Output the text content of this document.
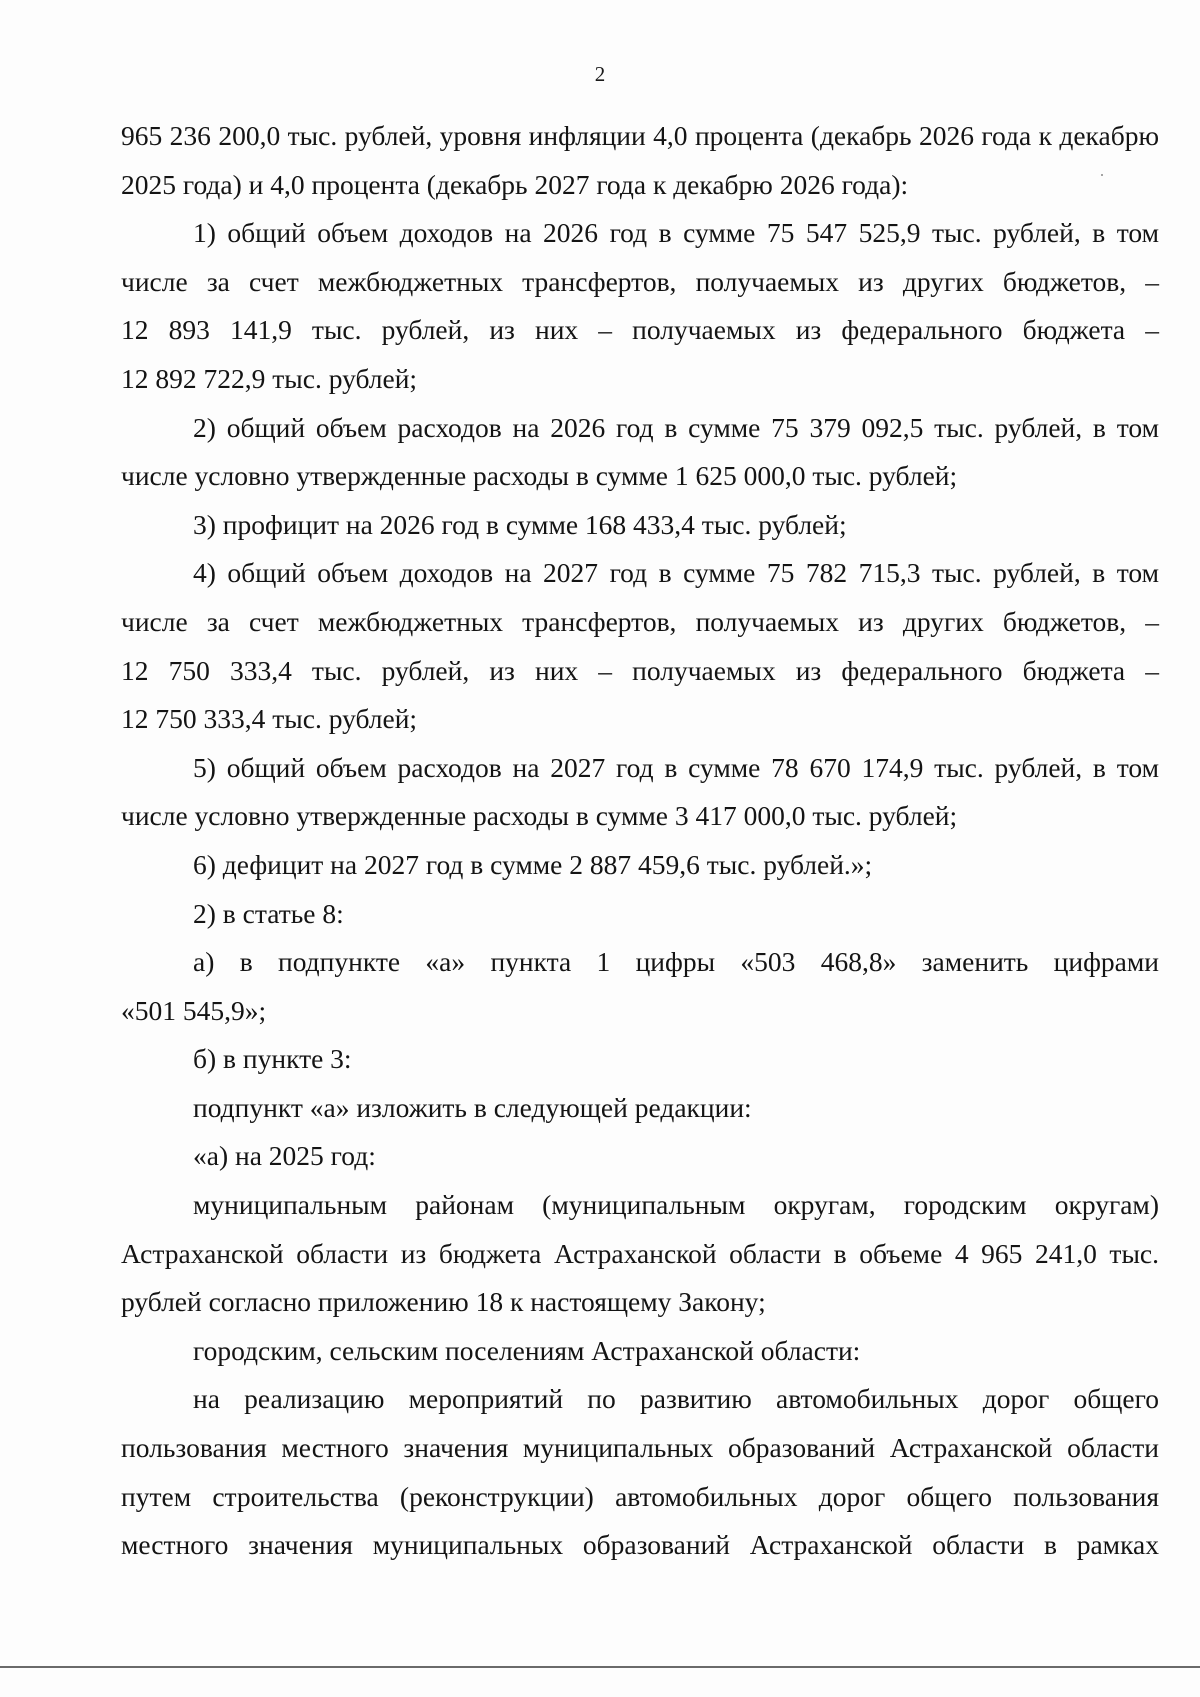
2
965 236 200,0 тыс. рублей, уровня инфляции 4,0 процента (декабрь 2026 года к декабрю
2025 года) и 4,0 процента (декабрь 2027 года к декабрю 2026 года):
1) общий объем доходов на 2026 год в сумме 75 547 525,9 тыс. рублей, в том
числе за счет межбюджетных трансфертов, получаемых из других бюджетов, –
12 893 141,9 тыс. рублей, из них – получаемых из федерального бюджета –
12 892 722,9 тыс. рублей;
2) общий объем расходов на 2026 год в сумме 75 379 092,5 тыс. рублей, в том
числе условно утвержденные расходы в сумме 1 625 000,0 тыс. рублей;
3) профицит на 2026 год в сумме 168 433,4 тыс. рублей;
4) общий объем доходов на 2027 год в сумме 75 782 715,3 тыс. рублей, в том
числе за счет межбюджетных трансфертов, получаемых из других бюджетов, –
12 750 333,4 тыс. рублей, из них – получаемых из федерального бюджета –
12 750 333,4 тыс. рублей;
5) общий объем расходов на 2027 год в сумме 78 670 174,9 тыс. рублей, в том
числе условно утвержденные расходы в сумме 3 417 000,0 тыс. рублей;
6) дефицит на 2027 год в сумме 2 887 459,6 тыс. рублей.»;
2) в статье 8:
а) в подпункте «а» пункта 1 цифры «503 468,8» заменить цифрами
«501 545,9»;
б) в пункте 3:
подпункт «а» изложить в следующей редакции:
«а) на 2025 год:
муниципальным районам (муниципальным округам, городским округам)
Астраханской области из бюджета Астраханской области в объеме 4 965 241,0 тыс.
рублей согласно приложению 18 к настоящему Закону;
городским, сельским поселениям Астраханской области:
на реализацию мероприятий по развитию автомобильных дорог общего
пользования местного значения муниципальных образований Астраханской области
путем строительства (реконструкции) автомобильных дорог общего пользования
местного значения муниципальных образований Астраханской области в рамках
